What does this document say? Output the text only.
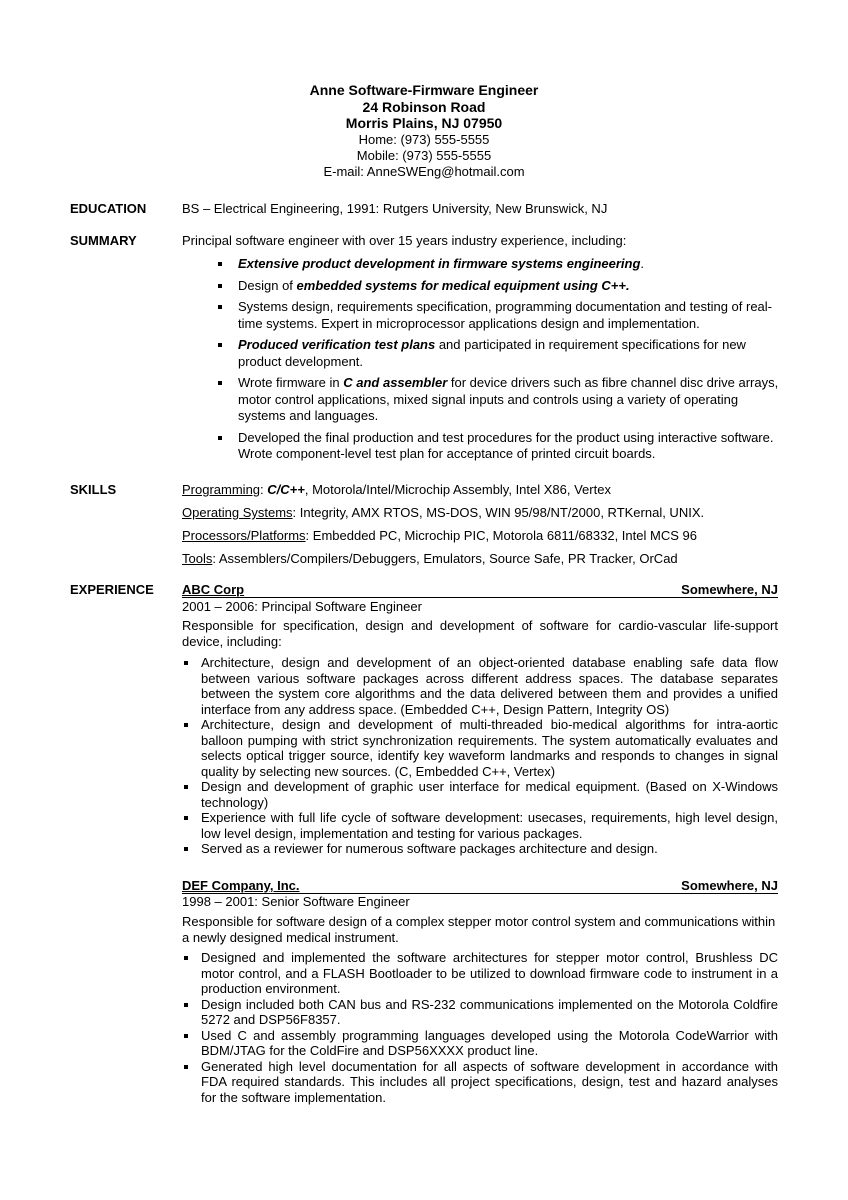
Anne Software-Firmware Engineer
24 Robinson Road
Morris Plains, NJ 07950
Home: (973) 555-5555
Mobile: (973) 555-5555
E-mail: AnneSWEng@hotmail.com
EDUCATION	BS – Electrical Engineering, 1991: Rutgers University, New Brunswick, NJ
SUMMARY	Principal software engineer with over 15 years industry experience, including:
Extensive product development in firmware systems engineering.
Design of embedded systems for medical equipment using C++.
Systems design, requirements specification, programming documentation and testing of real-time systems. Expert in microprocessor applications design and implementation.
Produced verification test plans and participated in requirement specifications for new product development.
Wrote firmware in C and assembler for device drivers such as fibre channel disc drive arrays, motor control applications, mixed signal inputs and controls using a variety of operating systems and languages.
Developed the final production and test procedures for the product using interactive software. Wrote component-level test plan for acceptance of printed circuit boards.
SKILLS	Programming: C/C++, Motorola/Intel/Microchip Assembly, Intel X86, Vertex
Operating Systems: Integrity, AMX RTOS, MS-DOS, WIN 95/98/NT/2000, RTKernal, UNIX.
Processors/Platforms: Embedded PC, Microchip PIC, Motorola 6811/68332, Intel MCS 96
Tools: Assemblers/Compilers/Debuggers, Emulators, Source Safe, PR Tracker, OrCad
EXPERIENCE ABC Corp	Somewhere, NJ
2001 – 2006: Principal Software Engineer
Responsible for specification, design and development of software for cardio-vascular life-support device, including:
Architecture, design and development of an object-oriented database enabling safe data flow between various software packages across different address spaces. The database separates between the system core algorithms and the data delivered between them and provides a unified interface from any address space. (Embedded C++, Design Pattern, Integrity OS)
Architecture, design and development of multi-threaded bio-medical algorithms for intra-aortic balloon pumping with strict synchronization requirements. The system automatically evaluates and selects optical trigger source, identify key waveform landmarks and responds to changes in signal quality by selecting new sources. (C, Embedded C++, Vertex)
Design and development of graphic user interface for medical equipment. (Based on X-Windows technology)
Experience with full life cycle of software development: usecases, requirements, high level design, low level design, implementation and testing for various packages.
Served as a reviewer for numerous software packages architecture and design.
DEF Company, Inc.	Somewhere, NJ
1998 – 2001: Senior Software Engineer
Responsible for software design of a complex stepper motor control system and communications within a newly designed medical instrument.
Designed and implemented the software architectures for stepper motor control, Brushless DC motor control, and a FLASH Bootloader to be utilized to download firmware code to instrument in a production environment.
Design included both CAN bus and RS-232 communications implemented on the Motorola Coldfire 5272 and DSP56F8357.
Used C and assembly programming languages developed using the Motorola CodeWarrior with BDM/JTAG for the ColdFire and DSP56XXXX product line.
Generated high level documentation for all aspects of software development in accordance with FDA required standards. This includes all project specifications, design, test and hazard analyses for the software implementation.
